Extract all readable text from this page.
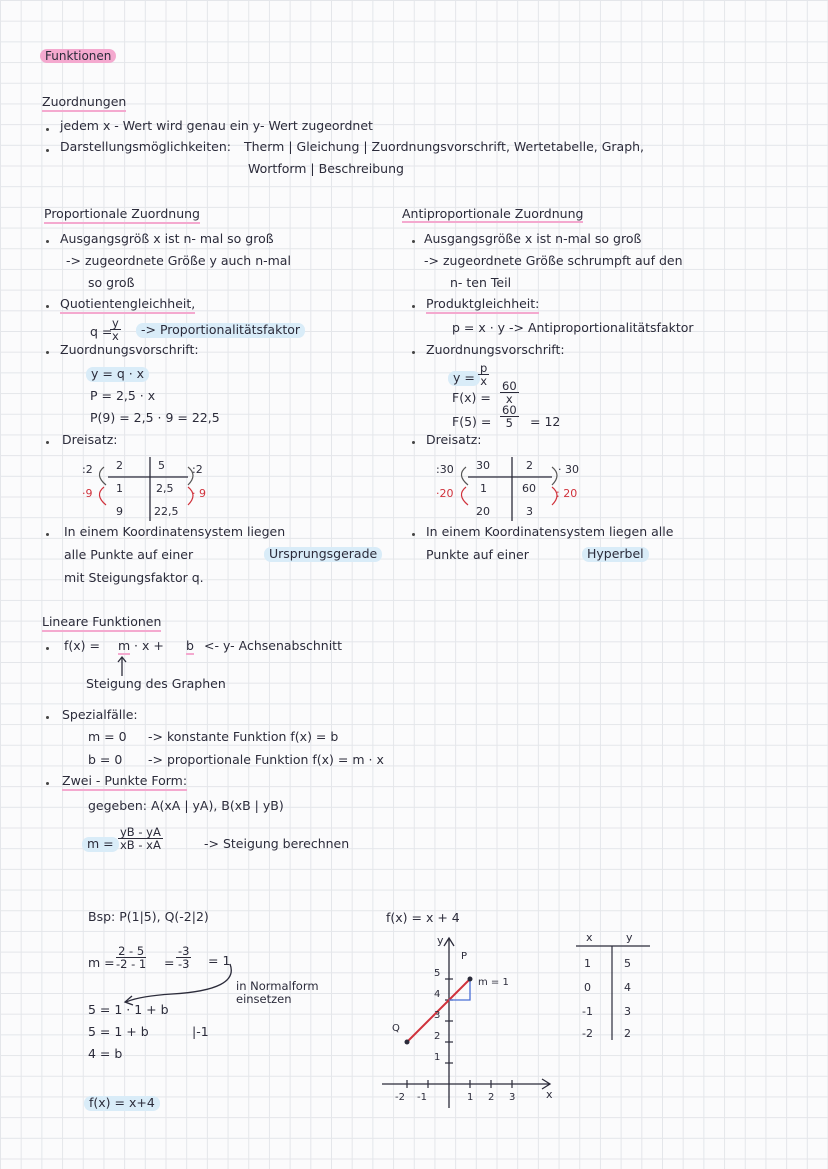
Funktionen
Zuordnungen
jedem x - Wert wird genau ein y- Wert zugeordnet
Darstellungsmöglichkeiten: Therm | Gleichung | Zuordnungsvorschrift, Wertetabelle, Graph,
Wortform | Beschreibung
Proportionale Zuordnung
Ausgangsgröß x ist n- mal so groß
-> zugeordnete Größe y auch n-mal
so groß
Quotientengleichheit,
q =
$\frac{y}{x}$	-> Proportionalitätsfaktor
Zuordnungsvorschrift:
y = q · x
P = 2,5 · x
P(9) = 2,5 · 9 = 22,5
Dreisatz:
:2
·9
:2
· 9
2	5
1	2,5
9	22,5
In einem Koordinatensystem liegen
alle Punkte auf einer	Ursprungsgerade
mit Steigungsfaktor q.
Antiproportionale Zuordnung
Ausgangsgröße x ist n-mal so groß
-> zugeordnete Größe schrumpft auf den
n- ten Teil
Produktgleichheit:
p = x · y -> Antiproportionalitätsfaktor
Zuordnungsvorschrift:
$y = \frac{p}{x}$
$F(x) = \frac{60}{x}$
$F(5) = \frac{60}{5} = 12$
Dreisatz:
:30
·20
· 30
: 20
30	2
1	60
20	3
In einem Koordinatensystem liegen alle
Punkte auf einer	Hyperbel
Lineare Funktionen
f(x) = m · x + b <- y- Achsenabschnitt
Steigung des Graphen
Spezialfälle:
m = 0 -> konstante Funktion f(x) = b
b = 0 -> proportionale Funktion f(x) = m · x
Zwei - Punkte Form:
gegeben: A(xA | yA), B(xB | yB)
$m = \frac{yB - yA}{xB - xA}$	-> Steigung berechnen
Bsp: P(1|5), Q(-2|2)
$m = \frac{2 - 5}{-2 - 1} = \frac{-3}{-3} = 1$
in Normalform
einsetzen
5 = 1 · 1 + b
5 = 1 + b	|-1
4 = b
f(x) = x+4
f(x) = x + 4
y
x
P
Q
m = 1
1
2
3
4
5
-2 -1	1 2 3
x	y
1	5
0	4
-1	3
-2	2
